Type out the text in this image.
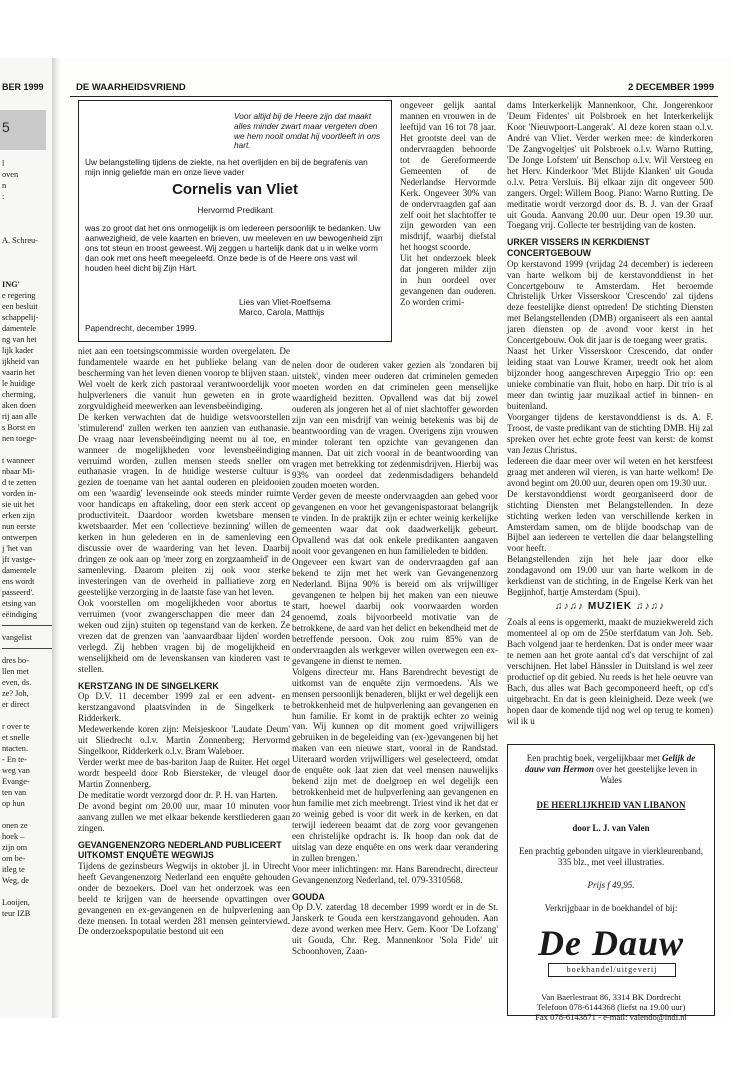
BER 1999
5
l
oven
n
:
A. Schreu-
ING'
e regering
een besluit
schappelij-
damentele
ng van het
lijk kader
ijkheid van
vaarin het
le huidige
cherming,
aken doen
rij aan alle
s Borst en
nen toege-
t wanneer
nbaar Mi-
d te zetten
vorden in-
sie uit het
erken zijn
nun eerste
ontwerpen
j 'het van
jft vastge-
damentele
ens wordt
passeerd'.
etsing van
eëindiging
vangelist
dres bo-
llen met
even, ds.
ze? Joh,
er direct
r over te
et snelle
ntacten.
- En te-
weg van
Evange-
ten van
op hun
onen ze
hoek –
zijn om
om be-
itleg te
Weg, de
Looijen,
teur IZB
DE WAARHEIDSVRIEND	2 DECEMBER 1999
Voor altijd bij de Heere zijn dat maakt alles minder zwart maar vergeten doen we hem nooit omdat hij voortleeft in ons hart.
Uw belangstelling tijdens de ziekte, na het overlijden en bij de begrafenis van mijn innig geliefde man en onze lieve vader
Cornelis van Vliet
Hervormd Predikant
was zo groot dat het ons onmogelijk is om iedereen persoonlijk te bedanken. Uw aanwezigheid, de vele kaarten en brieven, uw meeleven en uw bewogenheid zijn ons tot steun en troost geweest. Wij zeggen u hartelijk dank dat u in welke vorm dan ook met ons heeft meegeleefd. Onze bede is of de Heere ons vast wil houden heel dicht bij Zijn Hart.
Lies van Vliet-Roelfsema
Marco, Carola, Matthijs
Papendrecht, december 1999.

niet aan een toetsingscommissie worden overgelaten. De fundamentele waarde en het publieke belang van de bescherming van het leven dienen voorop te blijven staan.

Wel voelt de kerk zich pastoraal verantwoordelijk voor hulpverleners die vanuit hun geweten en in grote zorgvuldigheid meewerken aan levensbeëindiging.

De kerken verwachten dat de huidige wetsvoorstellen 'stimulerend' zullen werken ten aanzien van euthanasie. De vraag naar levensbeëindiging neemt nu al toe, en wanneer de mogelijkheden voor levensbeëindiging verruimd worden, zullen mensen steeds sneller om euthanasie vragen. In de huidige westerse cultuur is gezien de toename van het aantal ouderen en pleidooien om een 'waardig' levenseinde ook steeds minder ruimte voor handicaps en aftakeling, door een sterk accent op productiviteit. Daardoor worden kwetsbare mensen kwetsbaarder. Met een 'collectieve bezinning' willen de kerken in hun gelederen en in de samenleving een discussie over de waardering van het leven. Daarbij dringen ze ook aan op 'meer zorg en zorgzaamheid' in de samenleving. Daarom pleiten zij ook voor sterke investeringen van de overheid in palliatieve zorg en geestelijke verzorging in de laatste fase van het leven.

Ook voorstellen om mogelijkheden voor abortus te verruimen (voor zwangerschappen die meer dan 24 weken oud zijn) stuiten op tegenstand van de kerken. Ze vrezen dat de grenzen van 'aanvaardbaar lijden' worden verlegd. Zij hebben vragen bij de mogelijkheid en wenselijkheid om de levenskansen van kinderen vast te stellen.

KERSTZANG IN DE SINGELKERK

Op D.V. 11 december 1999 zal er een advent- en kerstzangavond plaatsvinden in de Singelkerk te Ridderkerk.

Medewerkende koren zijn: Meisjeskoor 'Laudate Deum' uit Sliedrecht o.l.v. Martin Zonnenberg; Hervormd Singelkoor, Ridderkerk o.l.v. Bram Waleboer.

Verder werkt mee de bas-bariton Jaap de Ruiter. Het orgel wordt bespeeld door Rob Biersteker, de vleugel door Martin Zonnenberg.

De meditatie wordt verzorgd door dr. P. H. van Harten.

De avond begint om 20.00 uur, maar 10 minuten voor aanvang zullen we met elkaar bekende kerstliederen gaan zingen.

GEVANGENENZORG NEDERLAND PUBLICEERT UITKOMST ENQUÊTE WEGWIJS

Tijdens de gezinsbeurs Wegwijs in oktober jl. in Utrecht heeft Gevangenenzorg Nederland een enquête gehouden onder de bezoekers. Doel van het onderzoek was een beeld te krijgen van de heersende opvattingen over gevangenen en ex-gevangenen en de hulpverlening aan deze mensen. In totaal werden 281 mensen geïnterviewd. De onderzoekspopulatie bestond uit een

ongeveer gelijk aantal mannen en vrouwen in de leeftijd van 16 tot 78 jaar. Het grootste deel van de ondervraagden behoorde tot de Gereformeerde Gemeenten of de Nederlandse Hervormde Kerk. Ongeveer 30% van de ondervraagden gaf aan zelf ooit het slachtoffer te zijn geworden van een misdrijf, waarbij diefstal het hoogst scoorde.

Uit het onderzoek bleek dat jongeren milder zijn in hun oordeel over gevangenen dan ouderen. Zo worden crimi-

nelen door de ouderen vaker gezien als 'zondaren bij uitstek', vinden meer ouderen dat criminelen gemeden moeten worden en dat criminelen geen menselijke waardigheid bezitten. Opvallend was dat bij zowel ouderen als jongeren het al of niet slachtoffer geworden zijn van een misdrijf van weinig betekenis was bij de beantwoording van de vragen. Overigens zijn vrouwen minder tolerant ten opzichte van gevangenen dan mannen. Dat uit zich vooral in de beantwoording van vragen met betrekking tot zedenmisdrijven. Hierbij was 93% van oordeel dat zedenmisdadigers behandeld zouden moeten worden.

Verder geven de meeste ondervraagden aan gebed voor gevangenen en voor het gevangenispastoraat belangrijk te vinden. In de praktijk zijn er echter weinig kerkelijke gemeenten waar dat ook daadwerkelijk gebeurt. Opvallend was dat ook enkele predikanten aangaven nooit voor gevangenen en hun familieleden te bidden.

Ongeveer een kwart van de ondervraagden gaf aan bekend te zijn met het werk van Gevangenenzorg Nederland. Bijna 90% is bereid om als vrijwilliger gevangenen te helpen bij het maken van een nieuwe start, hoewel daarbij ook voorwaarden worden genoemd, zoals bijvoorbeeld motivatie van de betrokkene, de aard van het delict en bekendheid met de betreffende persoon. Ook zou ruim 85% van de ondervraagden als werkgever willen overwegen een ex-gevangene in dienst te nemen.

Volgens directeur mr. Hans Barendrecht bevestigt de uitkomst van de enquête zijn vermoedens. 'Als we mensen persoonlijk benaderen, blijkt er wel degelijk een betrokkenheid met de hulpverlening aan gevangenen en hun familie. Er komt in de praktijk echter zo weinig van. Wij kunnen op dit moment goed vrijwilligers gebruiken in de begeleiding van (ex-)gevangenen bij het maken van een nieuwe start, vooral in de Randstad. Uiteraard worden vrijwilligers wel geselecteerd, omdat de enquête ook laat zien dat veel mensen nauwelijks bekend zijn met de doelgroep en wel degelijk een betrokkenheid met de hulpverlening aan gevangenen en hun familie met zich meebrengt. Triest vind ik het dat er zo weinig gebed is voor dit werk in de kerken, en dat terwijl iedereen beaamt dat de zorg voor gevangenen een christelijke opdracht is. Ik hoop dan ook dat de uitslag van deze enquête en ons werk daar verandering in zullen brengen.'

Voor meer inlichtingen: mr. Hans Barendrecht, directeur Gevangenenzorg Nederland, tel. 079-3310568.

GOUDA

Op D.V. zaterdag 18 december 1999 wordt er in de St. Janskerk te Gouda een kerstzangavond gehouden. Aan deze avond werken mee Herv. Gem. Koor 'De Lofzang' uit Gouda, Chr. Reg. Mannenkoor 'Sola Fide' uit Schoonhoven, Zaan-

dams Interkerkelijk Mannenkoor, Chr. Jongerenkoor 'Deum Fidentes' uit Polsbroek en het Interkerkelijk Koor 'Nieuwpoort-Langerak'. Al deze koren staan o.l.v. André van Vliet. Verder werken mee: de kinderkoren 'De Zangvogeltjes' uit Polsbroek o.l.v. Warno Rutting, 'De Jonge Lofstem' uit Benschop o.l.v. Wil Versteeg en het Herv. Kinderkoor 'Met Blijde Klanken' uit Gouda o.l.v. Petra Versluis. Bij elkaar zijn dit ongeveer 500 zangers. Orgel: Willem Boog. Piano: Warno Rutting. De meditatie wordt verzorgd door ds. B. J. van der Graaf uit Gouda. Aanvang 20.00 uur. Deur open 19.30 uur. Toegang vrij. Collecte ter bestrijding van de kosten.

URKER VISSERS IN KERKDIENST CONCERTGEBOUW

Op kerstavond 1999 (vrijdag 24 december) is iedereen van harte welkom bij de kerstavonddienst in het Concertgebouw te Amsterdam. Het beroemde Christelijk Urker Visserskoor 'Crescendo' zal tijdens deze feestelijke dienst optreden! De stichting Diensten met Belangstellenden (DMB) organiseert als een aantal jaren diensten op de avond voor kerst in het Concertgebouw. Ook dit jaar is de toegang weer gratis.

Naast het Urker Visserskoor Crescendo, dat onder leiding staat van Louwe Kramer, treedt ook het alom bijzonder hoog aangeschreven Arpeggio Trio op: een unieke combinatie van fluit, hobo en harp. Dit trio is al meer dan twintig jaar muzikaal actief in binnen- en buitenland.

Voorganger tijdens de kerstavonddienst is ds. A. F. Troost, de vaste predikant van de stichting DMB. Hij zal spreken over het echte grote feest van kerst: de komst van Jezus Christus.

Iedereen die daar meer over wil weten en het kerstfeest graag met anderen wil vieren, is van harte welkom! De avond begint om 20.00 uur, deuren open om 19.30 uur.

De kerstavonddienst wordt georganiseerd door de stichting Diensten met Belangstellenden. In deze stichting werken leden van verschillende kerken in Amsterdam samen, om de blijde boodschap van de Bijbel aan iedereen te vertellen die daar belangstelling voor heeft.

Belangstellenden zijn het hele jaar door elke zondagavond om 19.00 uur van harte welkom in de kerkdienst van de stichting, in de Engelse Kerk van het Begijnhof, hartje Amsterdam (Spui).

♫♪♫♪ MUZIEK ♫♪♫♪

Zoals al eens is opgemerkt, maakt de muziekwereld zich momenteel al op om de 250e sterfdatum van Joh. Seb. Bach volgend jaar te herdenken. Dat is onder meer waar te nemen aan het grote aantal cd's dat verschijnt of zal verschijnen. Het label Hänssler in Duitsland is wel zeer productief op dit gebied. Nu reeds is het hele oeuvre van Bach, dus alles wat Bach gecomponeerd heeft, op cd's uitgebracht. En dat is geen kleinigheid. Deze week (we hopen daar de komende tijd nog wel op terug te komen) wil ik u

Een prachtig boek, vergelijkbaar met Gelijk de dauw van Hermon over het geestelijke leven in Wales
DE HEERLIJKHEID VAN LIBANON
door L. J. van Valen
Een prachtig gebonden uitgave in vierkleurenband, 335 blz., met veel illustraties.
Prijs f 49,95.
Verkrijgbaar in de boekhandel of bij:
De Dauw
boekhandel/uitgeverij
Van Baerlestraat 86, 3314 BK Dordrecht
Telefoon 078-6144368 (liefst na 19.00 uur)
Fax 078-6143871 - e-mail: valendo@indi.nl
